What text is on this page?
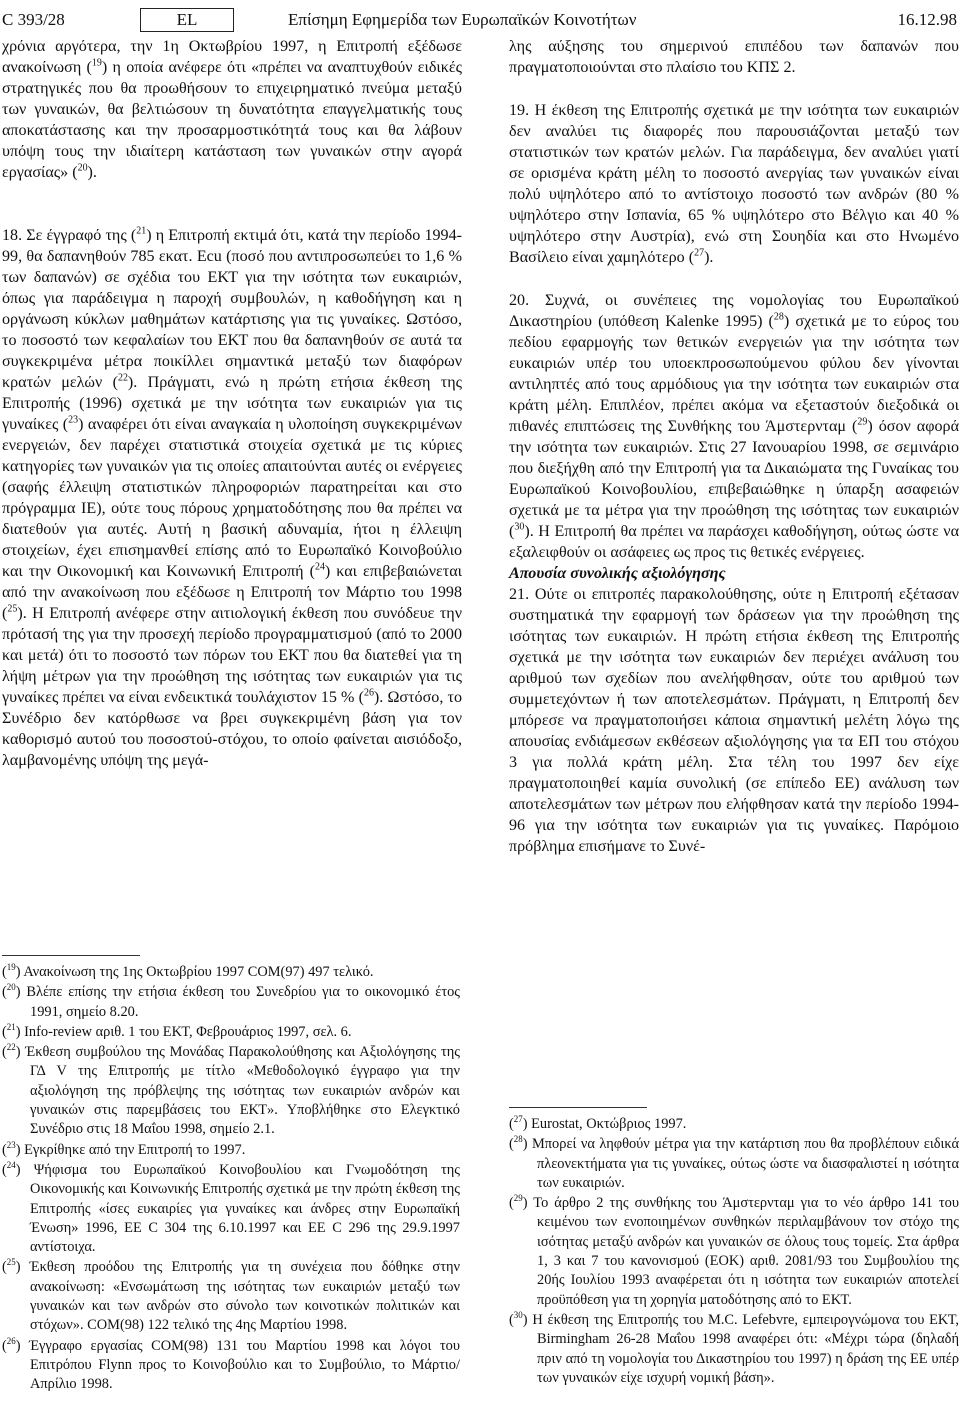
C 393/28	EL	Επίσημη Εφημερίδα των Ευρωπαϊκών Κοινοτήτων	16.12.98

χρόνια αργότερα, την 1η Οκτωβρίου 1997, η Επιτροπή εξέδωσε ανακοίνωση ($^{19}$) η οποία ανέφερε ότι «πρέπει να αναπτυχθούν ειδικές στρατηγικές που θα προωθήσουν το επιχειρηματικό πνεύμα μεταξύ των γυναικών, θα βελτιώσουν τη δυνατότητα επαγγελματικής τους αποκατάστασης και την προσαρμοστικότητά τους και θα λάβουν υπόψη τους την ιδιαίτερη κατάσταση των γυναικών στην αγορά εργασίας» ($^{20}$).

18. Σε έγγραφό της ($^{21}$) η Επιτροπή εκτιμά ότι, κατά την περίοδο 1994-99, θα δαπανηθούν 785 εκατ. Ecu (ποσό που αντιπροσωπεύει το 1,6 % των δαπανών) σε σχέδια του ΕΚΤ για την ισότητα των ευκαιριών, όπως για παράδειγμα η παροχή συμβουλών, η καθοδήγηση και η οργάνωση κύκλων μαθημάτων κατάρτισης για τις γυναίκες. Ωστόσο, το ποσοστό των κεφαλαίων του ΕΚΤ που θα δαπανηθούν σε αυτά τα συγκεκριμένα μέτρα ποικίλλει σημαντικά μεταξύ των διαφόρων κρατών μελών ($^{22}$). Πράγματι, ενώ η πρώτη ετήσια έκθεση της Επιτροπής (1996) σχετικά με την ισότητα των ευκαιριών για τις γυναίκες ($^{23}$) αναφέρει ότι είναι αναγκαία η υλοποίηση συγκεκριμένων ενεργειών, δεν παρέχει στατιστικά στοιχεία σχετικά με τις κύριες κατηγορίες των γυναικών για τις οποίες απαιτούνται αυτές οι ενέργειες (σαφής έλλειψη στατιστικών πληροφοριών παρατηρείται και στο πρόγραμμα ΙΕ), ούτε τους πόρους χρηματοδότησης που θα πρέπει να διατεθούν για αυτές. Αυτή η βασική αδυναμία, ήτοι η έλλειψη στοιχείων, έχει επισημανθεί επίσης από το Ευρωπαϊκό Κοινοβούλιο και την Οικονομική και Κοινωνική Επιτροπή ($^{24}$) και επιβεβαιώνεται από την ανακοίνωση που εξέδωσε η Επιτροπή τον Μάρτιο του 1998 ($^{25}$). Η Επιτροπή ανέφερε στην αιτιολογική έκθεση που συνόδευε την πρότασή της για την προσεχή περίοδο προγραμματισμού (από το 2000 και μετά) ότι το ποσοστό των πόρων του ΕΚΤ που θα διατεθεί για τη λήψη μέτρων για την προώθηση της ισότητας των ευκαιριών για τις γυναίκες πρέπει να είναι ενδεικτικά τουλάχιστον 15 % ($^{26}$). Ωστόσο, το Συνέδριο δεν κατόρθωσε να βρει συγκεκριμένη βάση για τον καθορισμό αυτού του ποσοστού-στόχου, το οποίο φαίνεται αισιόδοξο, λαμβανομένης υπόψη της μεγά-

λης αύξησης του σημερινού επιπέδου των δαπανών που πραγματοποιούνται στο πλαίσιο του ΚΠΣ 2.

19. Η έκθεση της Επιτροπής σχετικά με την ισότητα των ευκαιριών δεν αναλύει τις διαφορές που παρουσιάζονται μεταξύ των στατιστικών των κρατών μελών. Για παράδειγμα, δεν αναλύει γιατί σε ορισμένα κράτη μέλη το ποσοστό ανεργίας των γυναικών είναι πολύ υψηλότερο από το αντίστοιχο ποσοστό των ανδρών (80 % υψηλότερο στην Ισπανία, 65 % υψηλότερο στο Βέλγιο και 40 % υψηλότερο στην Αυστρία), ενώ στη Σουηδία και στο Ηνωμένο Βασίλειο είναι χαμηλότερο ($^{27}$).

20. Συχνά, οι συνέπειες της νομολογίας του Ευρωπαϊκού Δικαστηρίου (υπόθεση Kalenke 1995) ($^{28}$) σχετικά με το εύρος του πεδίου εφαρμογής των θετικών ενεργειών για την ισότητα των ευκαιριών υπέρ του υποεκπροσωπούμενου φύλου δεν γίνονται αντιληπτές από τους αρμόδιους για την ισότητα των ευκαιριών στα κράτη μέλη. Επιπλέον, πρέπει ακόμα να εξεταστούν διεξοδικά οι πιθανές επιπτώσεις της Συνθήκης του Άμστερνταμ ($^{29}$) όσον αφορά την ισότητα των ευκαιριών. Στις 27 Ιανουαρίου 1998, σε σεμινάριο που διεξήχθη από την Επιτροπή για τα Δικαιώματα της Γυναίκας του Ευρωπαϊκού Κοινοβουλίου, επιβεβαιώθηκε η ύπαρξη ασαφειών σχετικά με τα μέτρα για την προώθηση της ισότητας των ευκαιριών ($^{30}$). Η Επιτροπή θα πρέπει να παράσχει καθοδήγηση, ούτως ώστε να εξαλειφθούν οι ασάφειες ως προς τις θετικές ενέργειες.

Απουσία συνολικής αξιολόγησης

21. Ούτε οι επιτροπές παρακολούθησης, ούτε η Επιτροπή εξέτασαν συστηματικά την εφαρμογή των δράσεων για την προώθηση της ισότητας των ευκαιριών. Η πρώτη ετήσια έκθεση της Επιτροπής σχετικά με την ισότητα των ευκαιριών δεν περιέχει ανάλυση του αριθμού των σχεδίων που ανελήφθησαν, ούτε του αριθμού των συμμετεχόντων ή των αποτελεσμάτων. Πράγματι, η Επιτροπή δεν μπόρεσε να πραγματοποιήσει κάποια σημαντική μελέτη λόγω της απουσίας ενδιάμεσων εκθέσεων αξιολόγησης για τα ΕΠ του στόχου 3 για πολλά κράτη μέλη. Στα τέλη του 1997 δεν είχε πραγματοποιηθεί καμία συνολική (σε επίπεδο ΕΕ) ανάλυση των αποτελεσμάτων των μέτρων που ελήφθησαν κατά την περίοδο 1994-96 για την ισότητα των ευκαιριών για τις γυναίκες. Παρόμοιο πρόβλημα επισήμανε το Συνέ-

($^{19}$) Ανακοίνωση της 1ης Οκτωβρίου 1997 COM(97) 497 τελικό.

($^{20}$) Βλέπε επίσης την ετήσια έκθεση του Συνεδρίου για το οικονομικό έτος 1991, σημείο 8.20.

($^{21}$) Info-review αριθ. 1 του ΕΚΤ, Φεβρουάριος 1997, σελ. 6.

($^{22}$) Έκθεση συμβούλου της Μονάδας Παρακολούθησης και Αξιολόγησης της ΓΔ V της Επιτροπής με τίτλο «Μεθοδολογικό έγγραφο για την αξιολόγηση της πρόβλεψης της ισότητας των ευκαιριών ανδρών και γυναικών στις παρεμβάσεις του ΕΚΤ». Υποβλήθηκε στο Ελεγκτικό Συνέδριο στις 18 Μαΐου 1998, σημείο 2.1.

($^{23}$) Εγκρίθηκε από την Επιτροπή το 1997.

($^{24}$) Ψήφισμα του Ευρωπαϊκού Κοινοβουλίου και Γνωμοδότηση της Οικονομικής και Κοινωνικής Επιτροπής σχετικά με την πρώτη έκθεση της Επιτροπής «ίσες ευκαιρίες για γυναίκες και άνδρες στην Ευρωπαϊκή Ένωση» 1996, ΕΕ C 304 της 6.10.1997 και ΕΕ C 296 της 29.9.1997 αντίστοιχα.

($^{25}$) Έκθεση προόδου της Επιτροπής για τη συνέχεια που δόθηκε στην ανακοίνωση: «Ενσωμάτωση της ισότητας των ευκαιριών μεταξύ των γυναικών και των ανδρών στο σύνολο των κοινοτικών πολιτικών και στόχων». COM(98) 122 τελικό της 4ης Μαρτίου 1998.

($^{26}$) Έγγραφο εργασίας COM(98) 131 του Μαρτίου 1998 και λόγοι του Επιτρόπου Flynn προς το Κοινοβούλιο και το Συμβούλιο, το Μάρτιο/Απρίλιο 1998.

($^{27}$) Eurostat, Οκτώβριος 1997.

($^{28}$) Μπορεί να ληφθούν μέτρα για την κατάρτιση που θα προβλέπουν ειδικά πλεονεκτήματα για τις γυναίκες, ούτως ώστε να διασφαλιστεί η ισότητα των ευκαιριών.

($^{29}$) Το άρθρο 2 της συνθήκης του Άμστερνταμ για το νέο άρθρο 141 του κειμένου των ενοποιημένων συνθηκών περιλαμβάνουν τον στόχο της ισότητας μεταξύ ανδρών και γυναικών σε όλους τους τομείς. Στα άρθρα 1, 3 και 7 του κανονισμού (ΕΟΚ) αριθ. 2081/93 του Συμβουλίου της 20ής Ιουλίου 1993 αναφέρεται ότι η ισότητα των ευκαιριών αποτελεί προϋπόθεση για τη χορηγία ματοδότησης από το ΕΚΤ.

($^{30}$) Η έκθεση της Επιτροπής του M.C. Lefebvre, εμπειρογνώμονα του ΕΚΤ, Birmingham 26-28 Μαΐου 1998 αναφέρει ότι: «Μέχρι τώρα (δηλαδή πριν από τη νομολογία του Δικαστηρίου του 1997) η δράση της ΕΕ υπέρ των γυναικών είχε ισχυρή νομική βάση».
